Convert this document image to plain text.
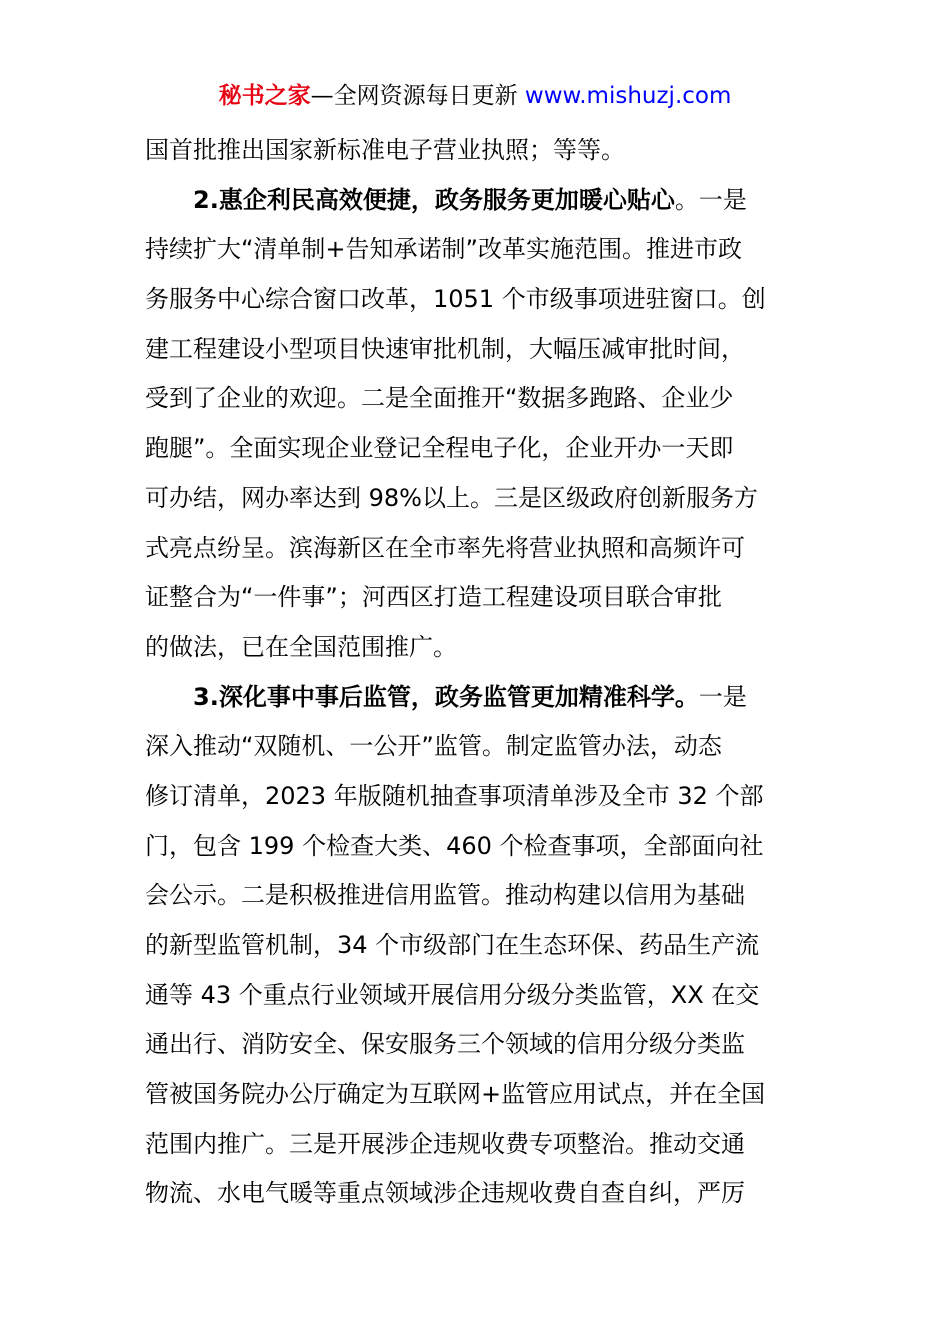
秘书之家—全网资源每日更新 www.mishuzj.com
国首批推出国家新标准电子营业执照；等等。
2.惠企利民高效便捷，政务服务更加暖心贴心。一是
持续扩大“清单制+告知承诺制”改革实施范围。推进市政
务服务中心综合窗口改革，1051 个市级事项进驻窗口。创
建工程建设小型项目快速审批机制，大幅压减审批时间，
受到了企业的欢迎。二是全面推开“数据多跑路、企业少
跑腿”。全面实现企业登记全程电子化，企业开办一天即
可办结，网办率达到 98%以上。三是区级政府创新服务方
式亮点纷呈。滨海新区在全市率先将营业执照和高频许可
证整合为“一件事”；河西区打造工程建设项目联合审批
的做法，已在全国范围推广。
3.深化事中事后监管，政务监管更加精准科学。一是
深入推动“双随机、一公开”监管。制定监管办法，动态
修订清单，2023 年版随机抽查事项清单涉及全市 32 个部
门，包含 199 个检查大类、460 个检查事项，全部面向社
会公示。二是积极推进信用监管。推动构建以信用为基础
的新型监管机制，34 个市级部门在生态环保、药品生产流
通等 43 个重点行业领域开展信用分级分类监管，XX 在交
通出行、消防安全、保安服务三个领域的信用分级分类监
管被国务院办公厅确定为互联网+监管应用试点，并在全国
范围内推广。三是开展涉企违规收费专项整治。推动交通
物流、水电气暖等重点领域涉企违规收费自查自纠，严厉
